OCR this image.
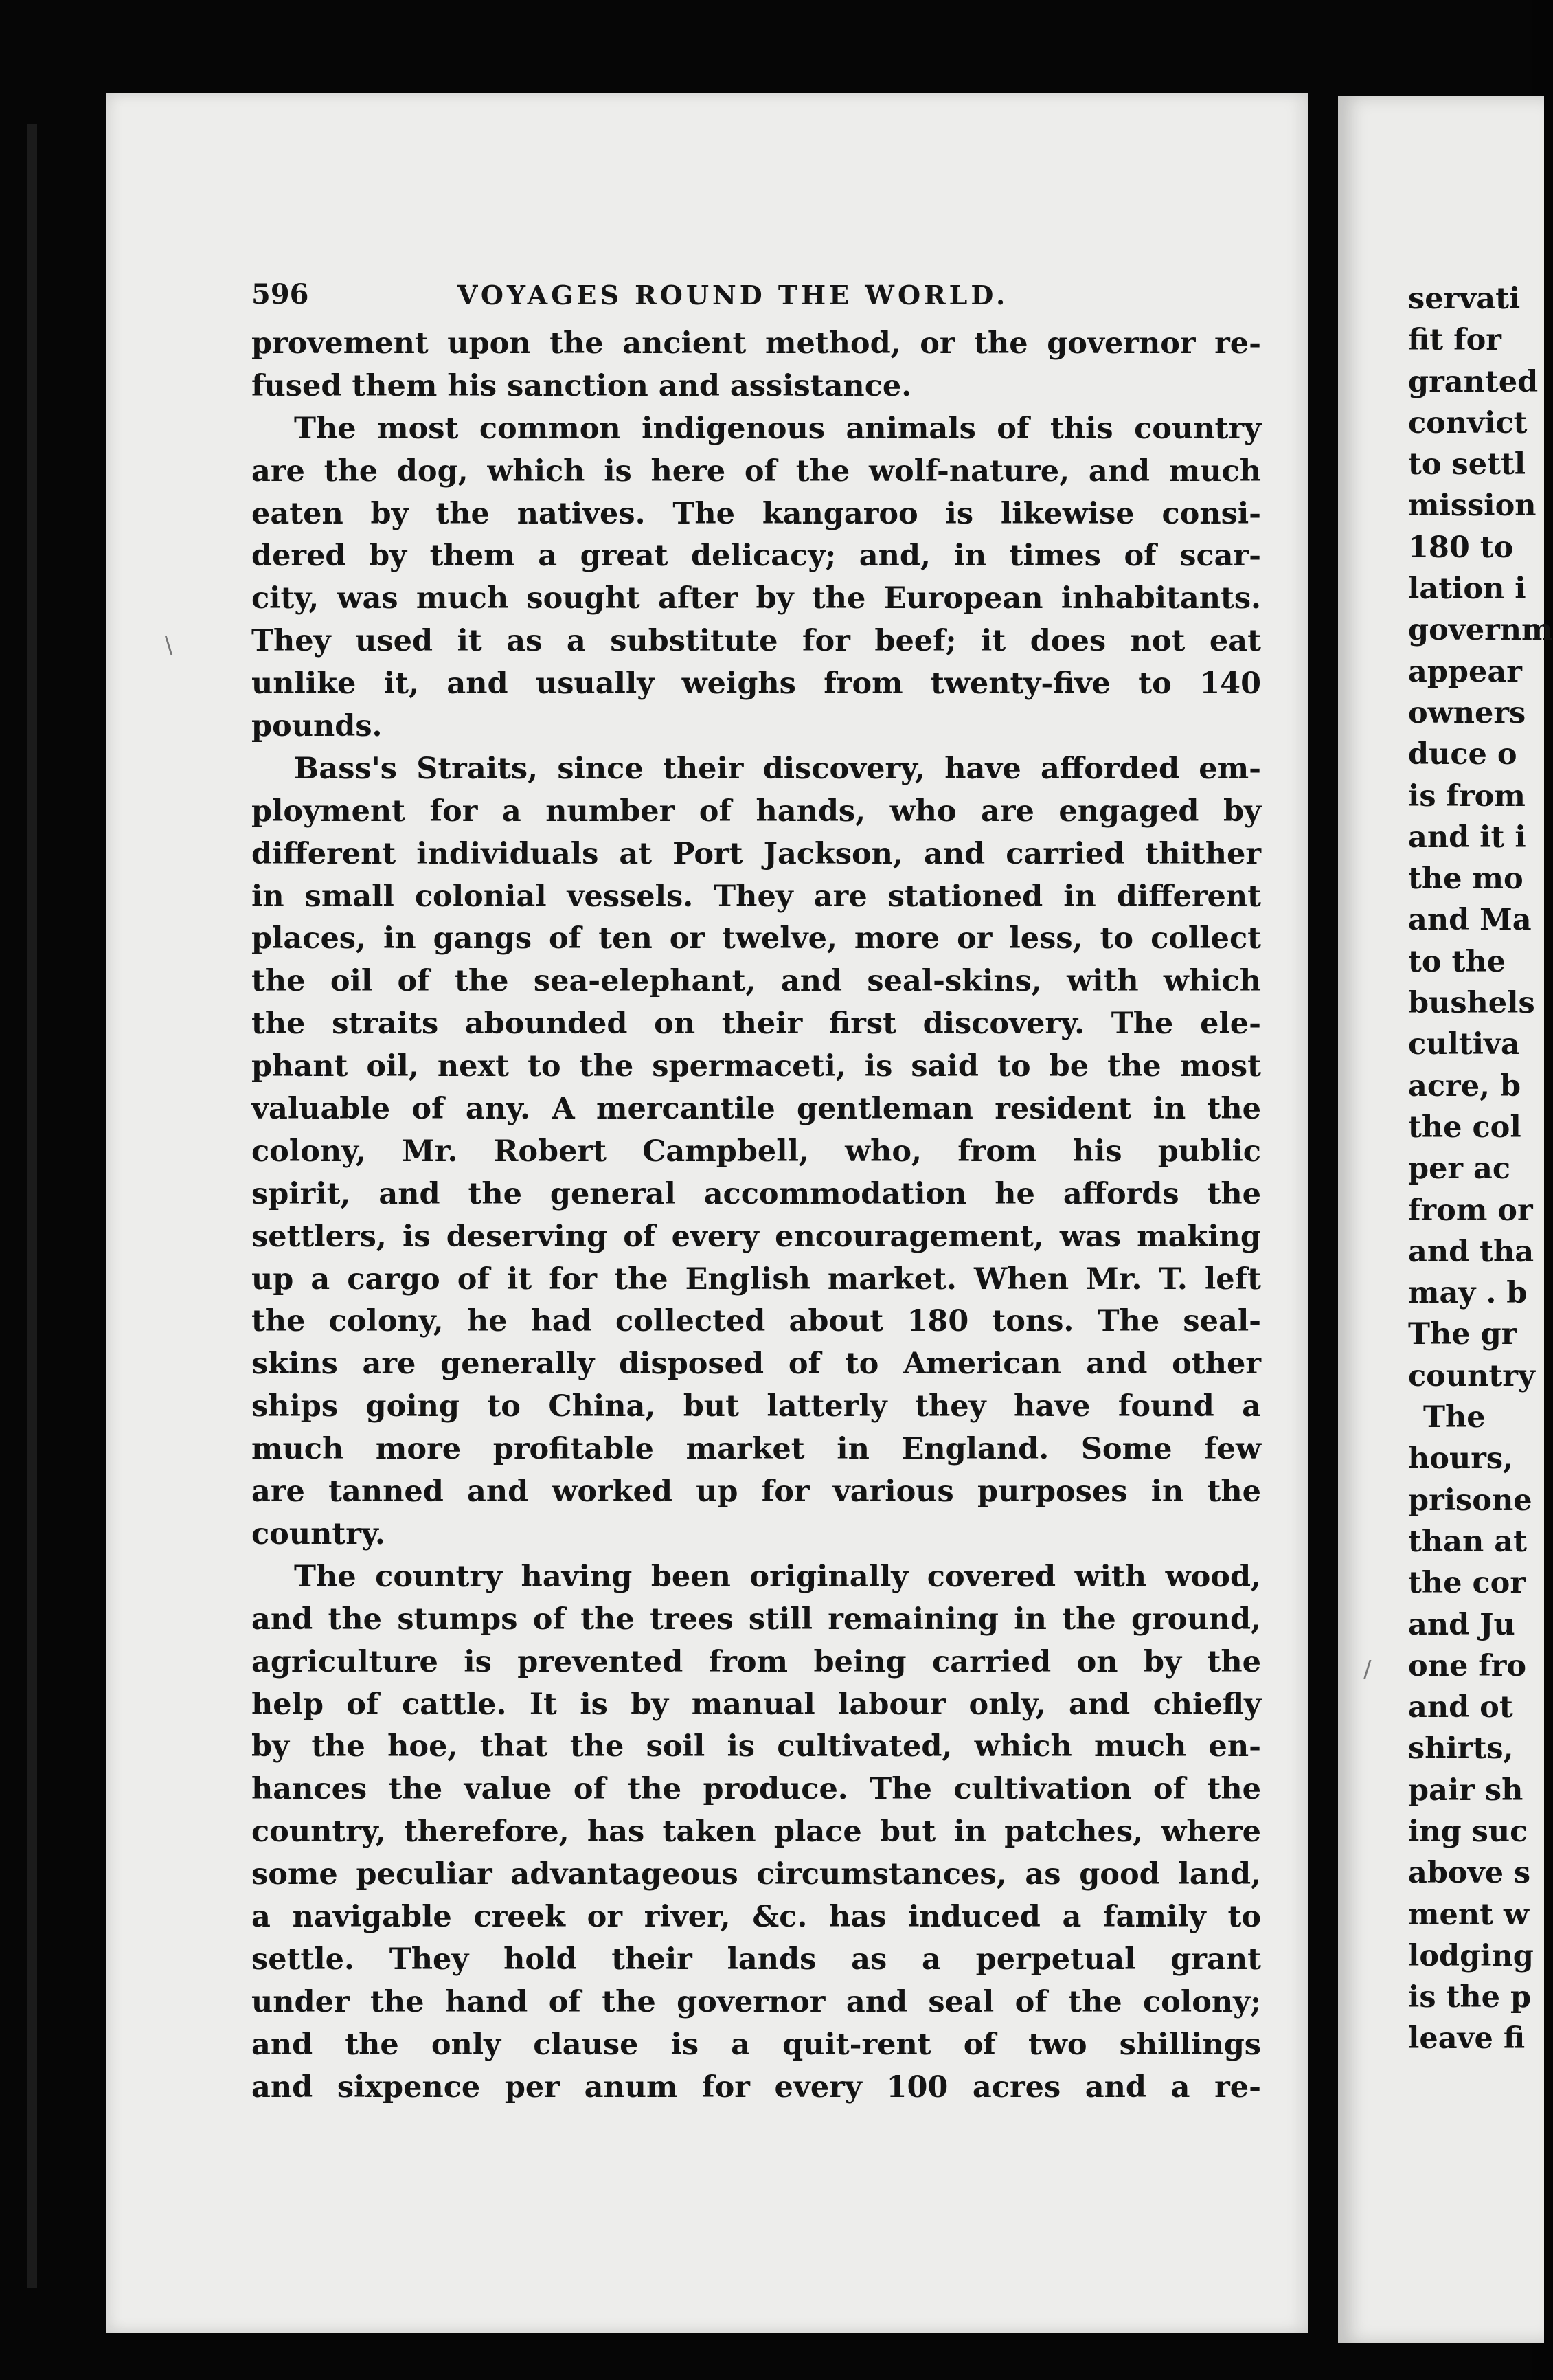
596	VOYAGES ROUND THE WORLD.
provement upon the ancient method, or the governor re-
fused them his sanction and assistance.
The most common indigenous animals of this country
are the dog, which is here of the wolf-nature, and much
eaten by the natives. The kangaroo is likewise consi-
dered by them a great delicacy; and, in times of scar-
city, was much sought after by the European inhabitants.
They used it as a substitute for beef; it does not eat
unlike it, and usually weighs from twenty-five to 140
pounds.
Bass's Straits, since their discovery, have afforded em-
ployment for a number of hands, who are engaged by
different individuals at Port Jackson, and carried thither
in small colonial vessels. They are stationed in different
places, in gangs of ten or twelve, more or less, to collect
the oil of the sea-elephant, and seal-skins, with which
the straits abounded on their first discovery. The ele-
phant oil, next to the spermaceti, is said to be the most
valuable of any. A mercantile gentleman resident in the
colony, Mr. Robert Campbell, who, from his public
spirit, and the general accommodation he affords the
settlers, is deserving of every encouragement, was making
up a cargo of it for the English market. When Mr. T. left
the colony, he had collected about 180 tons. The seal-
skins are generally disposed of to American and other
ships going to China, but latterly they have found a
much more profitable market in England. Some few
are tanned and worked up for various purposes in the
country.
The country having been originally covered with wood,
and the stumps of the trees still remaining in the ground,
agriculture is prevented from being carried on by the
help of cattle. It is by manual labour only, and chiefly
by the hoe, that the soil is cultivated, which much en-
hances the value of the produce. The cultivation of the
country, therefore, has taken place but in patches, where
some peculiar advantageous circumstances, as good land,
a navigable creek or river, &c. has induced a family to
settle. They hold their lands as a perpetual grant
under the hand of the governor and seal of the colony;
and the only clause is a quit-rent of two shillings
and sixpence per anum for every 100 acres and a re-
servati
fit for
granted
convict
to settl
mission
180 to
lation i
governm
appear
owners
duce o
is from
and it i
the mo
and Ma
to the
bushels
cultiva
acre, b
the col
per ac
from or
and tha
may . b
The gr
country
The
hours,
prisone
than at
the cor
and Ju
one fro
and ot
shirts,
pair sh
ing suc
above s
ment w
lodging
is the p
leave fi
\
/
